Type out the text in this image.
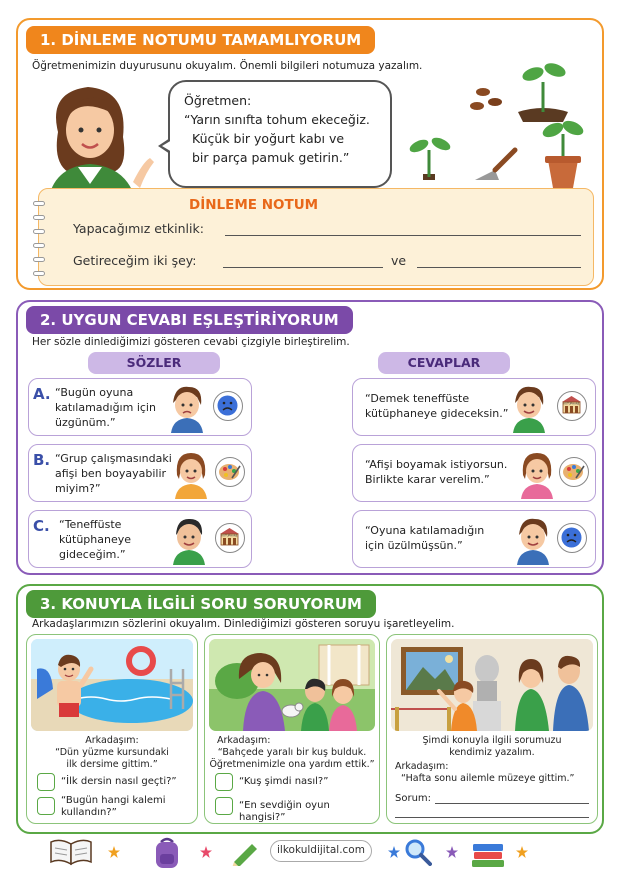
1. DİNLEME NOTUMU TAMAMLIYORUM
Öğretmenimizin duyurusunu okuyalım. Önemli bilgileri notumuza yazalım.
Öğretmen:
“Yarın sınıfta tohum ekeceğiz.
Küçük bir yoğurt kabı ve
bir parça pamuk getirin.”
DİNLEME NOTUM
Yapacağımız etkinlik:
Getireceğim iki şey:	ve
2. UYGUN CEVABI EŞLEŞTİRİYORUM
Her sözle dinlediğimizi gösteren cevabi çizgiyle birleştirelim.
SÖZLER	CEVAPLAR
A. “Bugün oyuna
katılamadığım için
üzgünüm.”
B. “Grup çalışmasındaki
afişi ben boyayabilir
miyim?”
C. “Teneffüste
kütüphaneye
gideceğim.”
KÜTÜPHANE
“Demek teneffüste
kütüphaneye gideceksin.”
KÜTÜPHANE
“Afişi boyamak istiyorsun.
Birlikte karar verelim.”
“Oyuna katılamadığın
için üzülmüşsün.”
3. KONUYLA İLGİLİ SORU SORUYORUM
Arkadaşlarımızın sözlerini okuyalım. Dinlediğimizi gösteren soruyu işaretleyelim.
Arkadaşım:
“Dün yüzme kursundaki
ilk dersime gittim.”
“İlk dersin nasıl geçti?”
“Bugün hangi kalemi
kullandın?”
Arkadaşım:
“Bahçede yaralı bir kuş bulduk.
Öğretmenimizle ona yardım ettik.”
“Kuş şimdi nasıl?”
“En sevdiğin oyun hangisi?”
Şimdi konuyla ilgili sorumuzu
kendimiz yazalım.
Arkadaşım:
“Hafta sonu ailemle müzeye gittim.”
Sorum:
ilkokuldijital.com
